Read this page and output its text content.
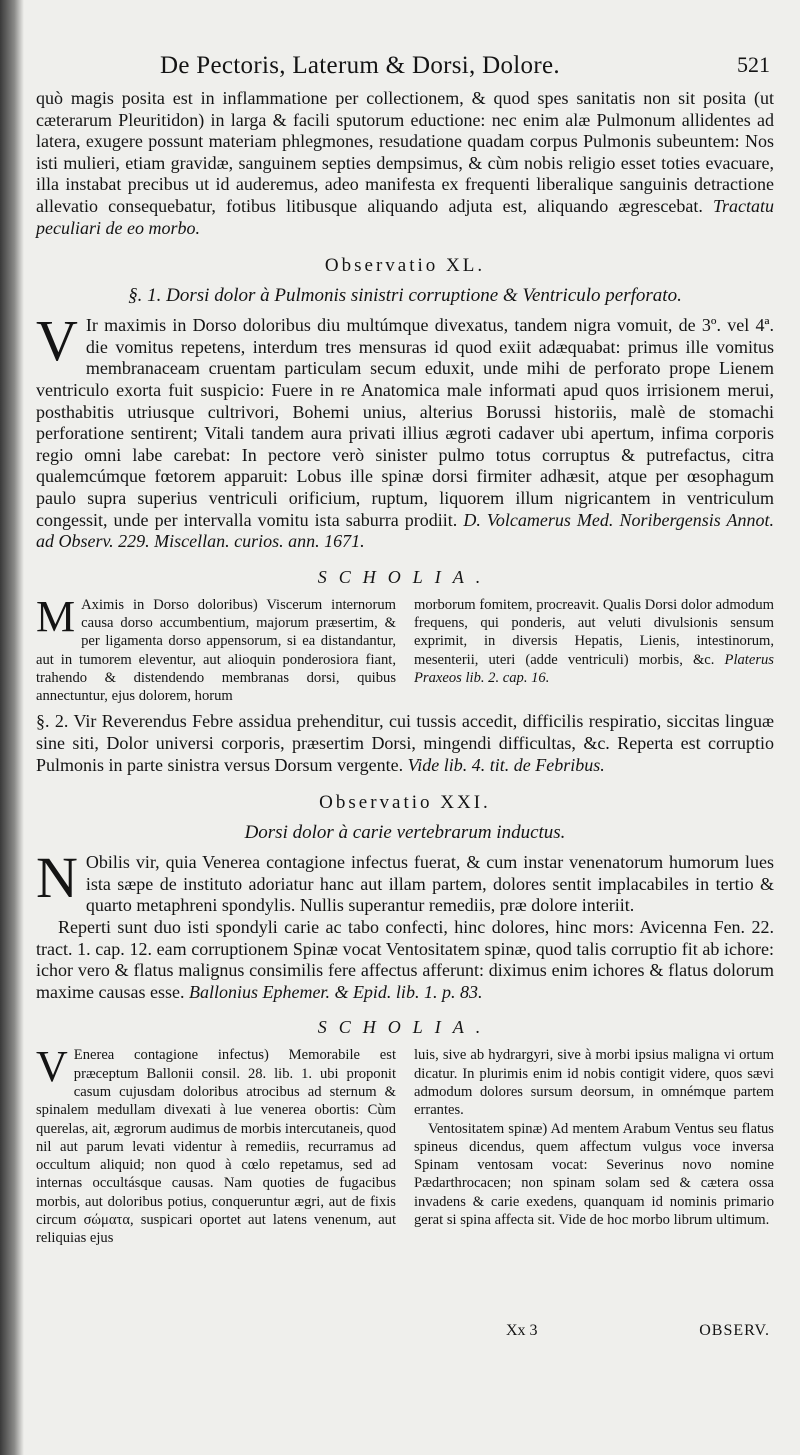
De Pectoris, Laterum & Dorsi, Dolore.	521

quò magis posita est in inflammatione per collectionem, & quod spes sanitatis non sit posita (ut cæterarum Pleuritidon) in larga & facili sputorum eductione: nec enim alæ Pulmonum allidentes ad latera, exugere possunt materiam phlegmones, resudatione quadam corpus Pulmonis subeuntem: Nos isti mulieri, etiam gravidæ, sanguinem septies dempsimus, & cùm nobis religio esset toties evacuare, illa instabat precibus ut id auderemus, adeo manifesta ex frequenti liberalique sanguinis detractione allevatio consequebatur, fotibus litibusque aliquando adjuta est, aliquando ægrescebat. Tractatu peculiari de eo morbo.

Observatio XL.
§. 1. Dorsi dolor à Pulmonis sinistri corruptione & Ventriculo perforato.

V Ir maximis in Dorso doloribus diu multúmque divexatus, tandem nigra vomuit, de 3º. vel 4ª. die vomitus repetens, interdum tres mensuras id quod exiit adæquabat: primus ille vomitus membranaceam cruentam particulam secum eduxit, unde mihi de perforato prope Lienem ventriculo exorta fuit suspicio: Fuere in re Anatomica male informati apud quos irrisionem merui, posthabitis utriusque cultrivori, Bohemi unius, alterius Borussi historiis, malè de stomachi perforatione sentirent; Vitali tandem aura privati illius ægroti cadaver ubi apertum, infima corporis regio omni labe carebat: In pectore verò sinister pulmo totus corruptus & putrefactus, citra qualemcúmque fœtorem apparuit: Lobus ille spinæ dorsi firmiter adhæsit, atque per œsophagum paulo supra superius ventriculi orificium, ruptum, liquorem illum nigricantem in ventriculum congessit, unde per intervalla vomitu ista saburra prodiit. D. Volcamerus Med. Noribergensis Annot. ad Observ. 229. Miscellan. curios. ann. 1671.

SCHOLIA.

M Aximis in Dorso doloribus) Viscerum internorum causa dorso accumbentium, majorum præsertim, & per ligamenta dorso appensorum, si ea distandantur, aut in tumorem eleventur, aut alioquin ponderosiora fiant, trahendo & distendendo membranas dorsi, quibus annectuntur, ejus dolorem, horum

morborum fomitem, procreavit. Qualis Dorsi dolor admodum frequens, qui ponderis, aut veluti divulsionis sensum exprimit, in diversis Hepatis, Lienis, intestinorum, mesenterii, uteri (adde ventriculi) morbis, &c. Platerus Praxeos lib. 2. cap. 16.

§. 2. Vir Reverendus Febre assidua prehenditur, cui tussis accedit, difficilis respiratio, siccitas linguæ sine siti, Dolor universi corporis, præsertim Dorsi, mingendi difficultas, &c. Reperta est corruptio Pulmonis in parte sinistra versus Dorsum vergente. Vide lib. 4. tit. de Febribus.

Observatio XXI.
Dorsi dolor à carie vertebrarum inductus.

N Obilis vir, quia Venerea contagione infectus fuerat, & cum instar venenatorum humorum lues ista sæpe de instituto adoriatur hanc aut illam partem, dolores sentit implacabiles in tertio & quarto metaphreni spondylis. Nullis superantur remediis, præ dolore interiit.

Reperti sunt duo isti spondyli carie ac tabo confecti, hinc dolores, hinc mors: Avicenna Fen. 22. tract. 1. cap. 12. eam corruptionem Spinæ vocat Ventositatem spinæ, quod talis corruptio fit ab ichore: ichor vero & flatus malignus consimilis fere affectus afferunt: diximus enim ichores & flatus dolorum maxime causas esse. Ballonius Ephemer. & Epid. lib. 1. p. 83.

SCHOLIA.

V Enerea contagione infectus) Memorabile est præceptum Ballonii consil. 28. lib. 1. ubi proponit casum cujusdam doloribus atrocibus ad sternum & spinalem medullam divexati à lue venerea obortis: Cùm querelas, ait, ægrorum audimus de morbis intercutaneis, quod nil aut parum levati videntur à remediis, recurramus ad occultum aliquid; non quod à cœlo repetamus, sed ad internas occultásque causas. Nam quoties de fugacibus morbis, aut doloribus potius, conqueruntur ægri, aut de fixis circum σώματα, suspicari oportet aut latens venenum, aut reliquias ejus

luis, sive ab hydrargyri, sive à morbi ipsius maligna vi ortum dicatur. In plurimis enim id nobis contigit videre, quos sævi admodum dolores sursum deorsum, in omnémque partem errantes.

Ventositatem spinæ) Ad mentem Arabum Ventus seu flatus spineus dicendus, quem affectum vulgus voce inversa Spinam ventosam vocat: Severinus novo nomine Pædarthrocacen; non spinam solam sed & cætera ossa invadens & carie exedens, quanquam id nominis primario gerat si spina affecta sit. Vide de hoc morbo librum ultimum.

Xx 3	OBSERV.
